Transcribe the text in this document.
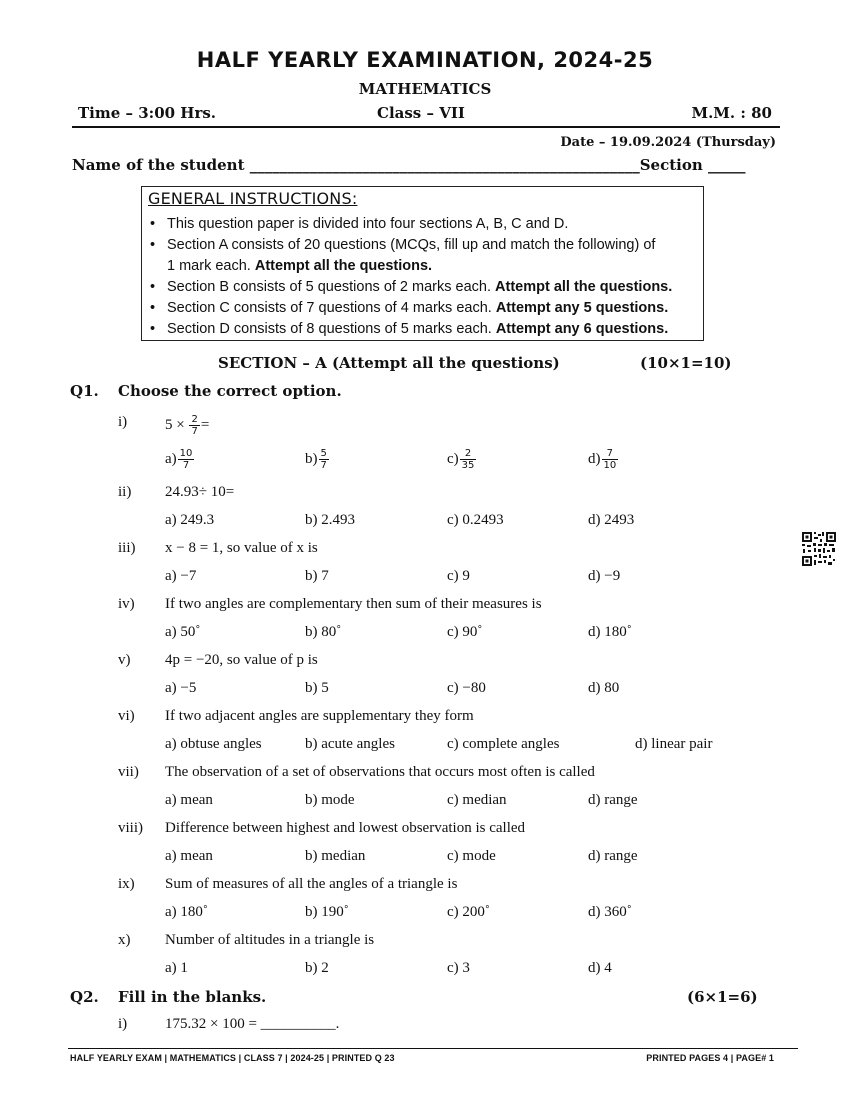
HALF YEARLY EXAMINATION, 2024-25
MATHEMATICS
Time – 3:00 Hrs.	Class – VII	M.M. : 80
Date – 19.09.2024 (Thursday)
Name of the student ____________________________________________________Section _____
GENERAL INSTRUCTIONS:
• This question paper is divided into four sections A, B, C and D.
• Section A consists of 20 questions (MCQs, fill up and match the following) of
1 mark each. Attempt all the questions.
• Section B consists of 5 questions of 2 marks each. Attempt all the questions.
• Section C consists of 7 questions of 4 marks each. Attempt any 5 questions.
• Section D consists of 8 questions of 5 marks each. Attempt any 6 questions.
SECTION – A (Attempt all the questions)	(10×1=10)
Q1. Choose the correct option.
i)	$5 \times \frac{2}{7}$ =
$a) \frac{10}{7}$	$b) \frac{5}{7}$	$c) \frac{2}{35}$	$d) \frac{7}{10}$
ii) 24.93÷ 10=
a) 249.3	b) 2.493	c) 0.2493	d) 2493
iii) x − 8 = 1, so value of x is
a) −7	b) 7	c) 9	d) −9
iv) If two angles are complementary then sum of their measures is
a) 50˚	b) 80˚	c) 90˚	d) 180˚
v) 4p = −20, so value of p is
a) −5	b) 5	c) −80	d) 80
vi) If two adjacent angles are supplementary they form
a) obtuse angles	b) acute angles	c) complete angles	d) linear pair
vii) The observation of a set of observations that occurs most often is called
a) mean	b) mode	c) median	d) range
viii) Difference between highest and lowest observation is called
a) mean	b) median	c) mode	d) range
ix) Sum of measures of all the angles of a triangle is
a) 180˚	b) 190˚	c) 200˚	d) 360˚
x) Number of altitudes in a triangle is
a) 1	b) 2	c) 3	d) 4
Q2. Fill in the blanks.	(6×1=6)
i)	175.32 × 100 = __________.
HALF YEARLY EXAM | MATHEMATICS | CLASS 7 | 2024-25 | PRINTED Q 23	PRINTED PAGES 4 | PAGE# 1
